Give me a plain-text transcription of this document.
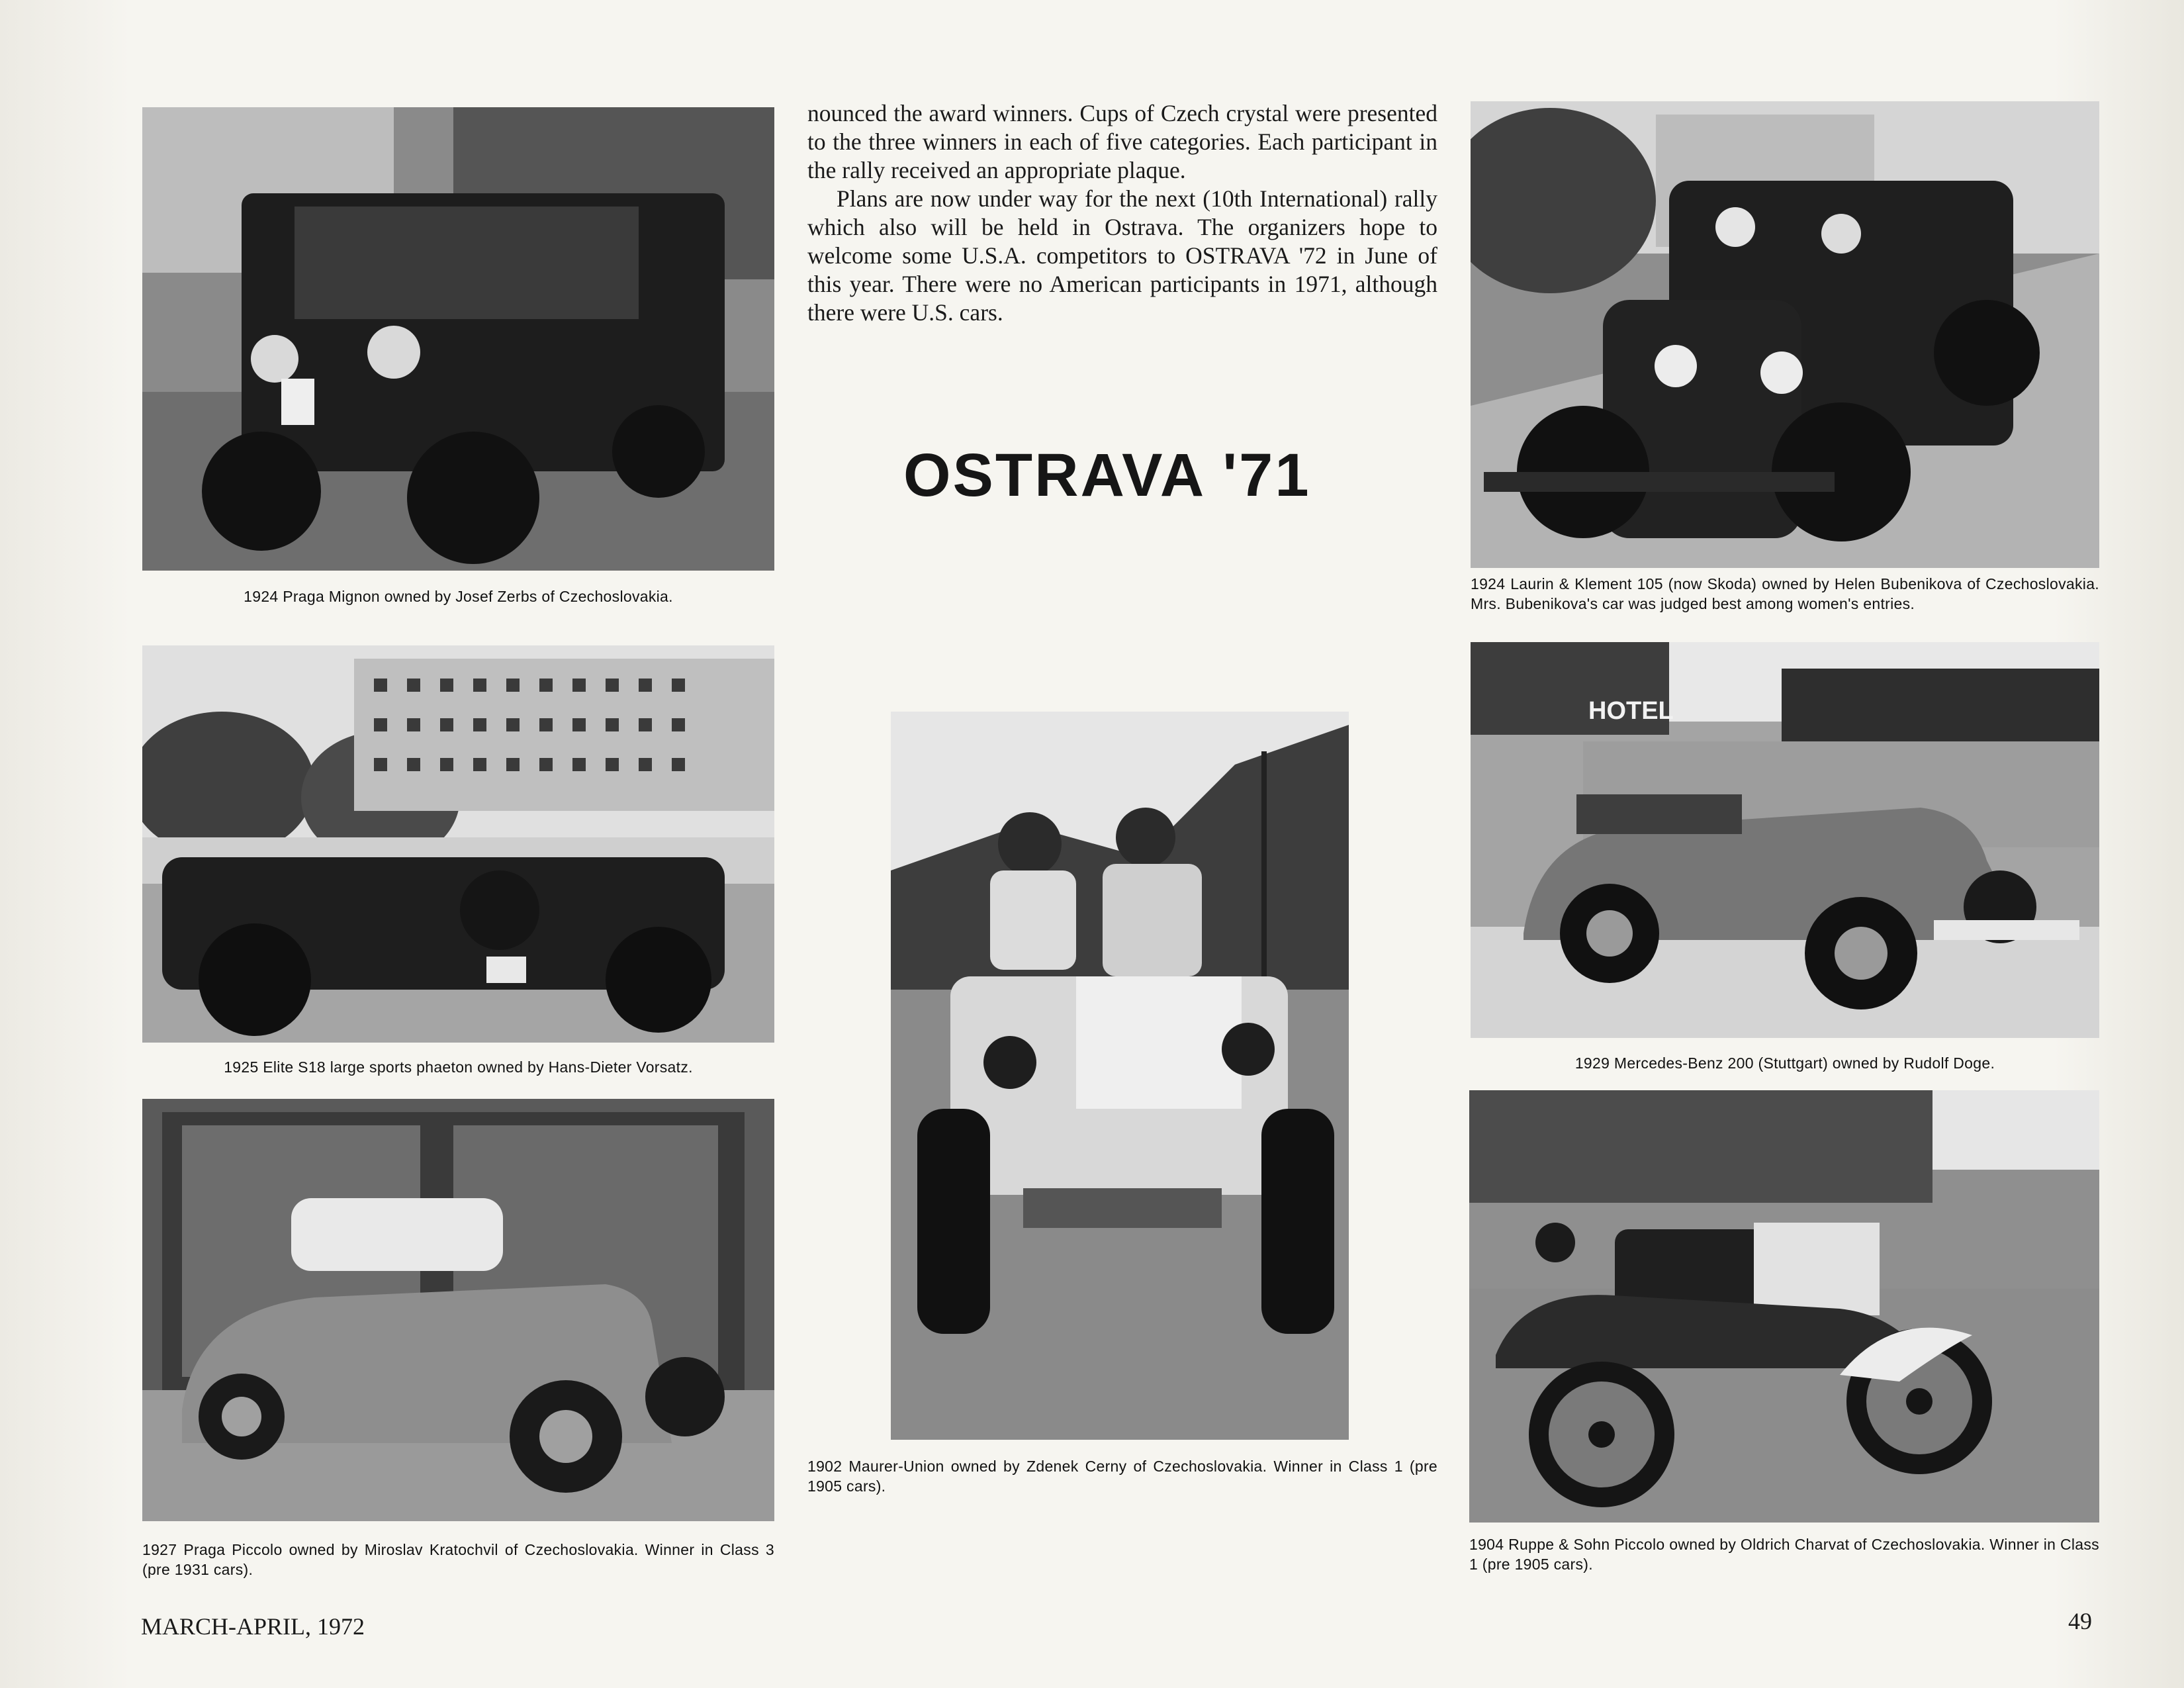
1924 Praga Mignon owned by Josef Zerbs of Czechoslovakia.
1925 Elite S18 large sports phaeton owned by Hans-Dieter Vorsatz.
1927 Praga Piccolo owned by Miroslav Kratochvil of Czechoslovakia. Winner in Class 3 (pre 1931 cars).

nounced the award winners. Cups of Czech crystal were presented to the three winners in each of five categories. Each participant in the rally received an appropriate plaque.

Plans are now under way for the next (10th International) rally which also will be held in Ostrava. The organizers hope to welcome some U.S.A. competitors to OSTRAVA '72 in June of this year. There were no American participants in 1971, although there were U.S. cars.

OSTRAVA '71
1902 Maurer-Union owned by Zdenek Cerny of Czechoslovakia. Winner in Class 1 (pre 1905 cars).
1924 Laurin & Klement 105 (now Skoda) owned by Helen Bubenikova of Czechoslovakia. Mrs. Bubenikova's car was judged best among women's entries.
HOTEL
1929 Mercedes-Benz 200 (Stuttgart) owned by Rudolf Doge.
1904 Ruppe & Sohn Piccolo owned by Oldrich Charvat of Czechoslovakia. Winner in Class 1 (pre 1905 cars).
MARCH-APRIL, 1972	49
